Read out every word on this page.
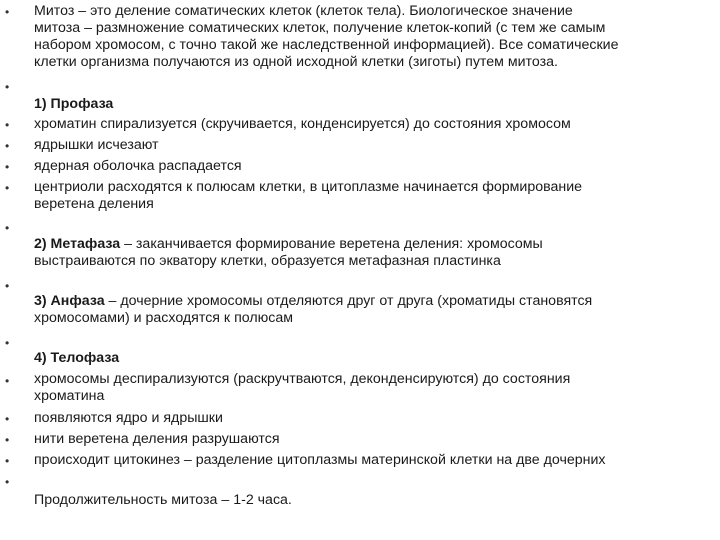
•	Митоз – это деление соматических клеток (клеток тела). Биологическое значение
митоза – размножение соматических клеток, получение клеток-копий (с тем же самым
набором хромосом, с точно такой же наследственной информацией). Все соматические
клетки организма получаются из одной исходной клетки (зиготы) путем митоза.
•
1) Профаза
•	хроматин спирализуется (скручивается, конденсируется) до состояния хромосом
•	ядрышки исчезают
•	ядерная оболочка распадается
•	центриоли расходятся к полюсам клетки, в цитоплазме начинается формирование
веретена деления
•
2) Метафаза – заканчивается формирование веретена деления: хромосомы
выстраиваются по экватору клетки, образуется метафазная пластинка
•
3) Анфаза – дочерние хромосомы отделяются друг от друга (хроматиды становятся
хромосомами) и расходятся к полюсам
•
4) Телофаза
•	хромосомы деспирализуются (раскручтваются, деконденсируются) до состояния
хроматина
•	появляются ядро и ядрышки
•	нити веретена деления разрушаются
•	происходит цитокинез – разделение цитоплазмы материнской клетки на две дочерних
•
Продолжительность митоза – 1-2 часа.
